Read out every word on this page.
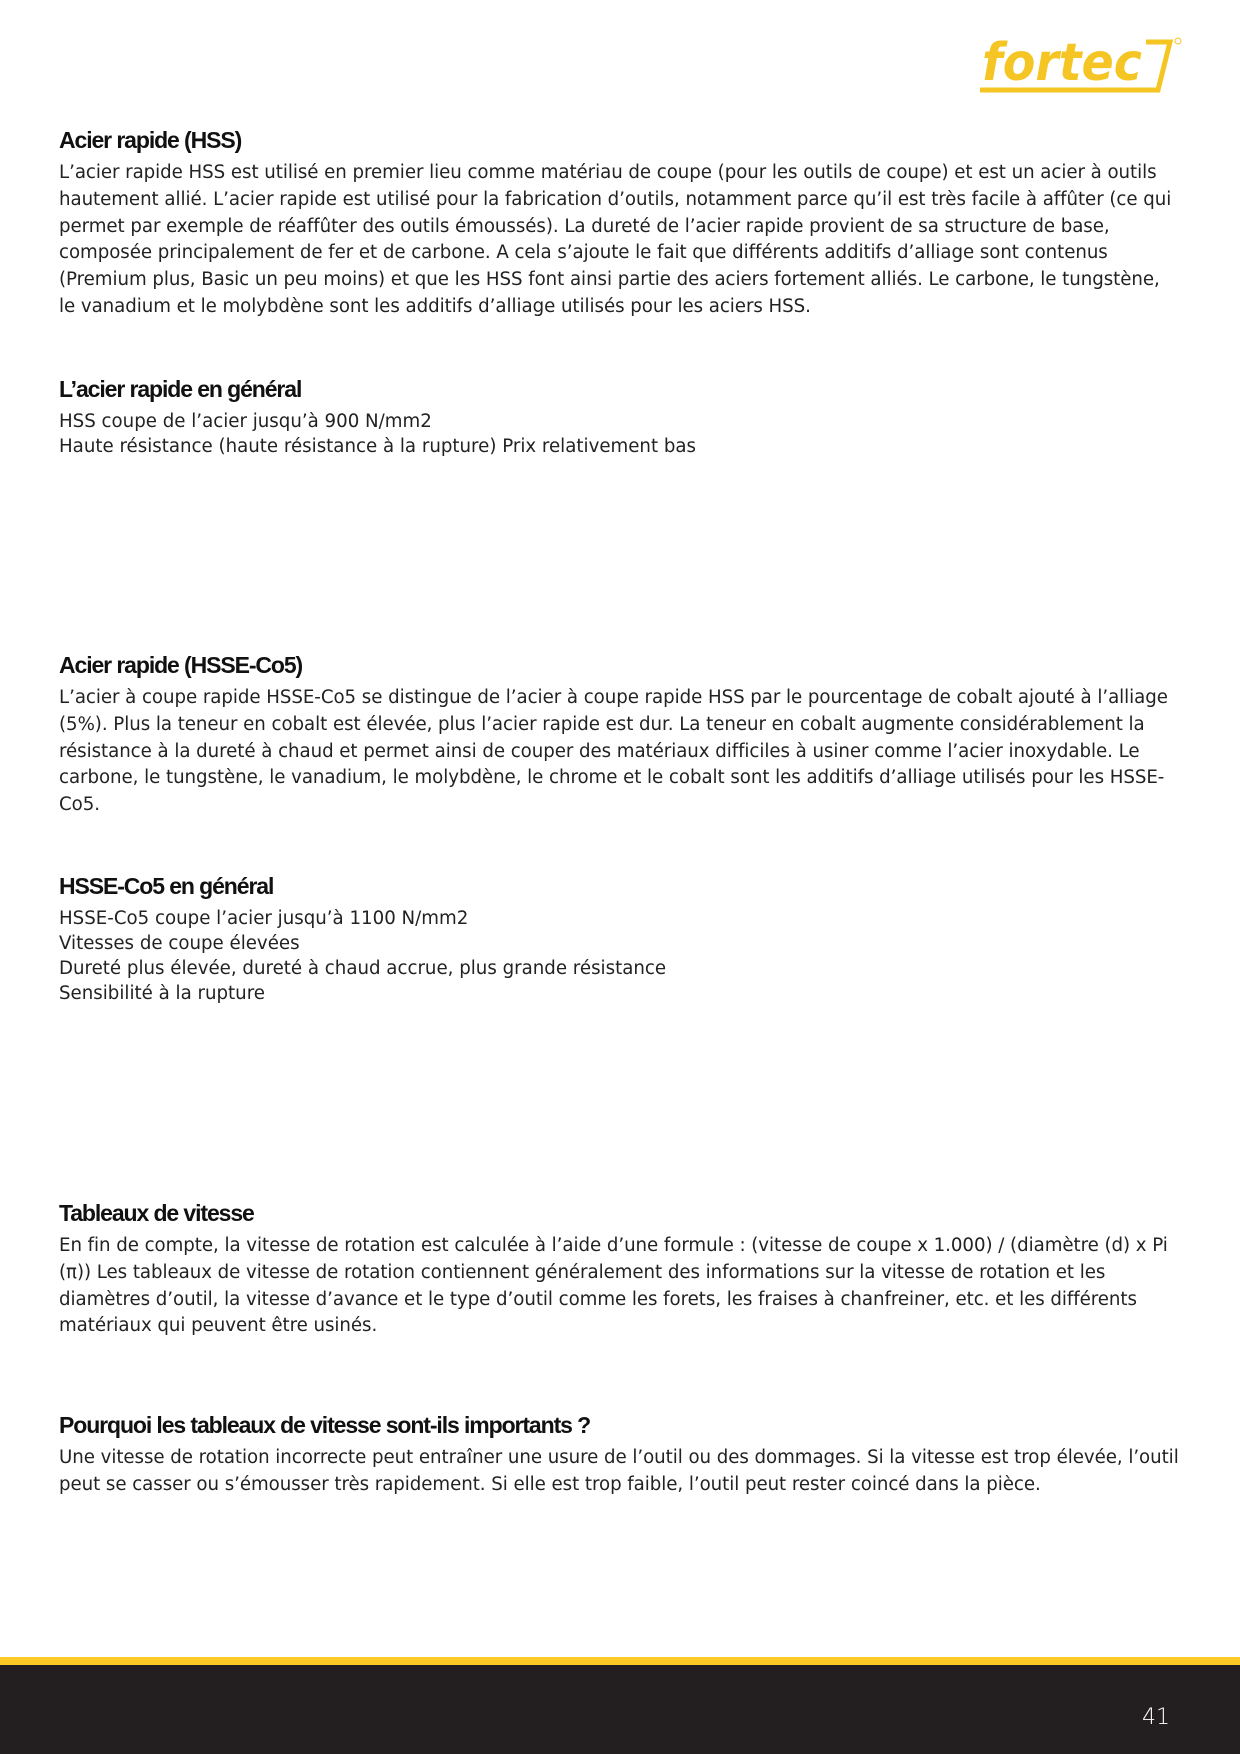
fortec
Acier rapide (HSS)

L’acier rapide HSS est utilisé en premier lieu comme matériau de coupe (pour les outils de coupe) et est un acier à outils hautement allié. L’acier rapide est utilisé pour la fabrication d’outils, notamment parce qu’il est très facile à affûter (ce qui permet par exemple de réaffûter des outils émoussés). La dureté de l’acier rapide provient de sa structure de base, composée principalement de fer et de carbone. A cela s’ajoute le fait que différents additifs d’alliage sont contenus (Premium plus, Basic un peu moins) et que les HSS font ainsi partie des aciers fortement alliés. Le carbone, le tungstène, le vanadium et le molybdène sont les additifs d’alliage utilisés pour les aciers HSS.

L’acier rapide en général
HSS coupe de l’acier jusqu’à 900 N/mm2
Haute résistance (haute résistance à la rupture) Prix relativement bas
Acier rapide (HSSE-Co5)

L’acier à coupe rapide HSSE-Co5 se distingue de l’acier à coupe rapide HSS par le pourcentage de cobalt ajouté à l’alliage (5%). Plus la teneur en cobalt est élevée, plus l’acier rapide est dur. La teneur en cobalt augmente considérablement la résistance à la dureté à chaud et permet ainsi de couper des matériaux difficiles à usiner comme l’acier inoxydable. Le carbone, le tungstène, le vanadium, le molybdène, le chrome et le cobalt sont les additifs d’alliage utilisés pour les HSSE-Co5.

HSSE-Co5 en général
HSSE-Co5 coupe l’acier jusqu’à 1100 N/mm2
Vitesses de coupe élevées
Dureté plus élevée, dureté à chaud accrue, plus grande résistance
Sensibilité à la rupture
Tableaux de vitesse

En fin de compte, la vitesse de rotation est calculée à l’aide d’une formule : (vitesse de coupe x 1.000) / (diamètre (d) x Pi (π)) Les tableaux de vitesse de rotation contiennent généralement des informations sur la vitesse de rotation et les diamètres d’outil, la vitesse d’avance et le type d’outil comme les forets, les fraises à chanfreiner, etc. et les différents matériaux qui peuvent être usinés.

Pourquoi les tableaux de vitesse sont-ils importants ?

Une vitesse de rotation incorrecte peut entraîner une usure de l’outil ou des dommages. Si la vitesse est trop élevée, l’outil peut se casser ou s’émousser très rapidement. Si elle est trop faible, l’outil peut rester coincé dans la pièce.

41
